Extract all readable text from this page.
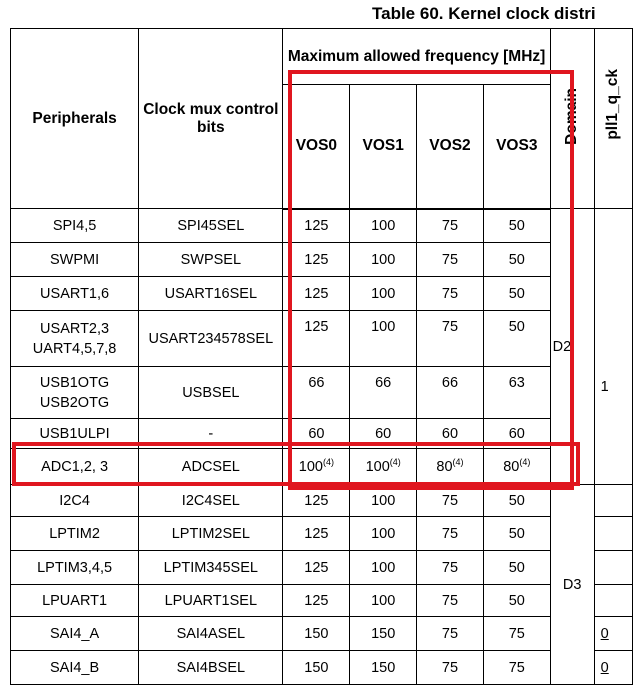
Table 60. Kernel clock distri
Peripherals	Clock mux control bits	Maximum allowed frequency [MHz]				Domain	pll1_q_ck
		VOS0	VOS1	VOS2	VOS3		

SPI4,5	SPI45SEL	125	100	75	50	D2	1

SWPMI	SWPSEL	125	100	75	50		

USART1,6	USART16SEL	125	100	75	50		

USART2,3
UART4,5,7,8	USART234578SEL	125	100	75	50		

USB1OTG
USB2OTG	USBSEL	66	66	66	63		

USB1ULPI	-	60	60	60	60		

ADC1,2, 3	ADCSEL	100$^{(4)}$	100$^{(4)}$	80$^{(4)}$	80$^{(4)}$

I2C4	I2C4SEL	125	100	75	50	D3	

LPTIM2	LPTIM2SEL	125	100	75	50		

LPTIM3,4,5	LPTIM345SEL	125	100	75	50		

LPUART1	LPUART1SEL	125	100	75	50		

SAI4_A	SAI4ASEL	150	150	75	75		0

SAI4_B	SAI4BSEL	150	150	75	75		0
